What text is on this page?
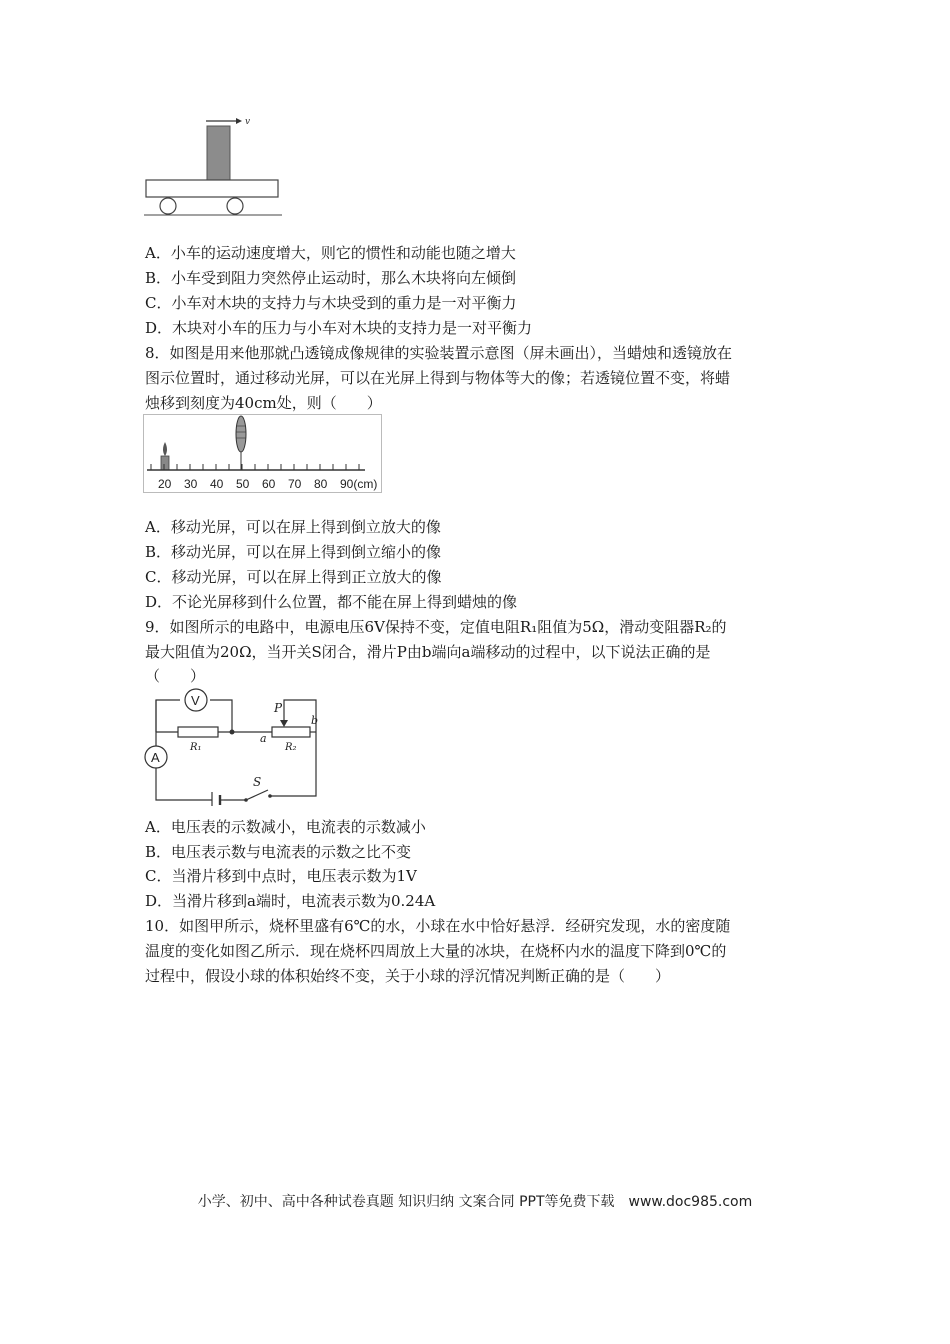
v
A．小车的运动速度增大，则它的惯性和动能也随之增大
B．小车受到阻力突然停止运动时，那么木块将向左倾倒
C．小车对木块的支持力与木块受到的重力是一对平衡力
D．木块对小车的压力与小车对木块的支持力是一对平衡力
8．如图是用来他那就凸透镜成像规律的实验装置示意图（屏未画出），当蜡烛和透镜放在
图示位置时，通过移动光屏，可以在光屏上得到与物体等大的像；若透镜位置不变，将蜡
烛移到刻度为40cm处，则（　　）
20 30 40 50 60 70 80 90(cm)
A．移动光屏，可以在屏上得到倒立放大的像
B．移动光屏，可以在屏上得到倒立缩小的像
C．移动光屏，可以在屏上得到正立放大的像
D．不论光屏移到什么位置，都不能在屏上得到蜡烛的像
9．如图所示的电路中，电源电压6V保持不变，定值电阻R₁阻值为5Ω，滑动变阻器R₂的
最大阻值为20Ω，当开关S闭合，滑片P由b端向a端移动的过程中，以下说法正确的是
（　　）
V
R₁
P
a
R₂
b
A
S
A．电压表的示数减小，电流表的示数减小
B．电压表示数与电流表的示数之比不变
C．当滑片移到中点时，电压表示数为1V
D．当滑片移到a端时，电流表示数为0.24A
10．如图甲所示，烧杯里盛有6℃的水，小球在水中恰好悬浮．经研究发现，水的密度随
温度的变化如图乙所示．现在烧杯四周放上大量的冰块，在烧杯内水的温度下降到0℃的
过程中，假设小球的体积始终不变，关于小球的浮沉情况判断正确的是（　　）
小学、初中、高中各种试卷真题 知识归纳 文案合同 PPT等免费下载　www.doc985.com
